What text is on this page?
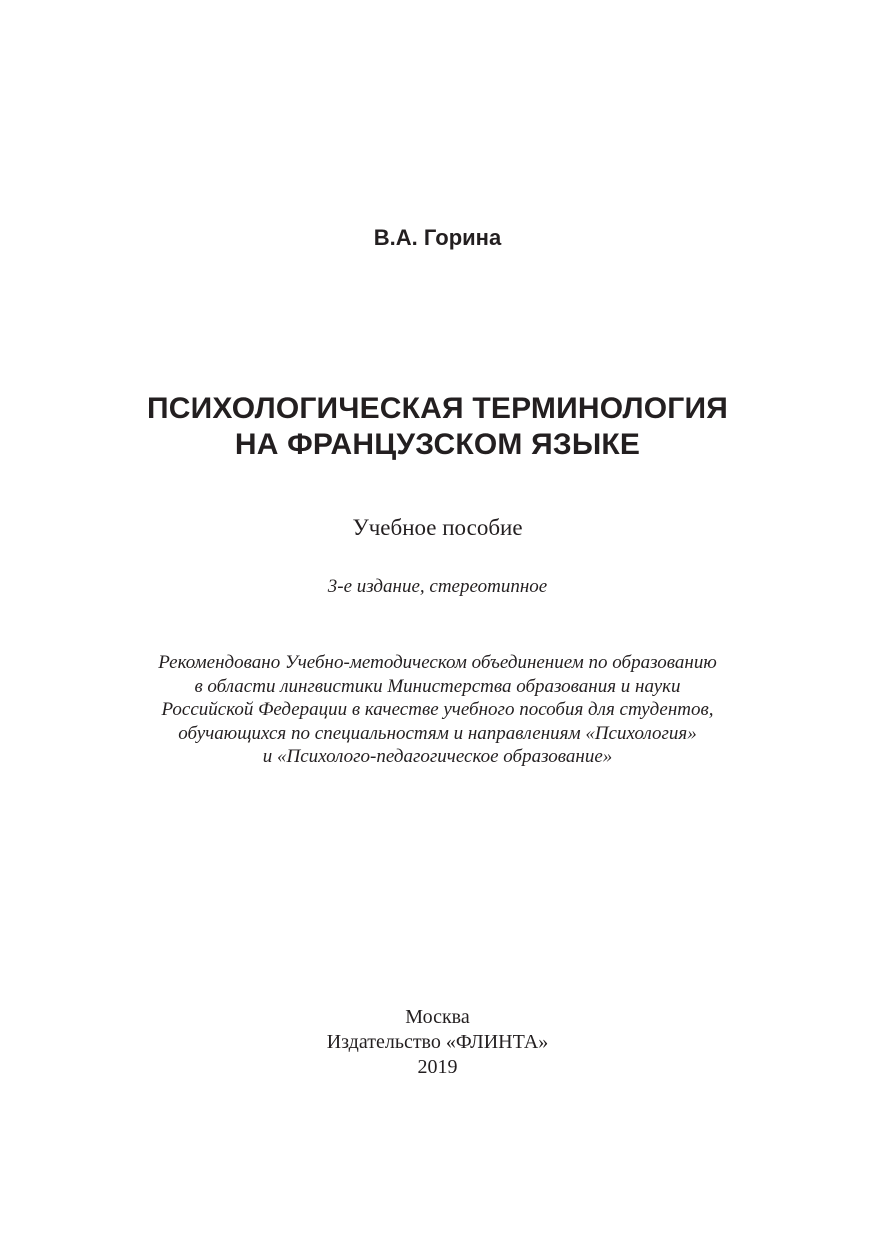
В.А. Горина

ПСИХОЛОГИЧЕСКАЯ ТЕРМИНОЛОГИЯ
НА ФРАНЦУЗСКОМ ЯЗЫКЕ

Учебное пособие

3-е издание, стереотипное

Рекомендовано Учебно-методическом объединением по образованию
в области лингвистики Министерства образования и науки
Российской Федерации в качестве учебного пособия для студентов,
обучающихся по специальностям и направлениям «Психология»
и «Психолого-педагогическое образование»
Москва
Издательство «ФЛИНТА»
2019
